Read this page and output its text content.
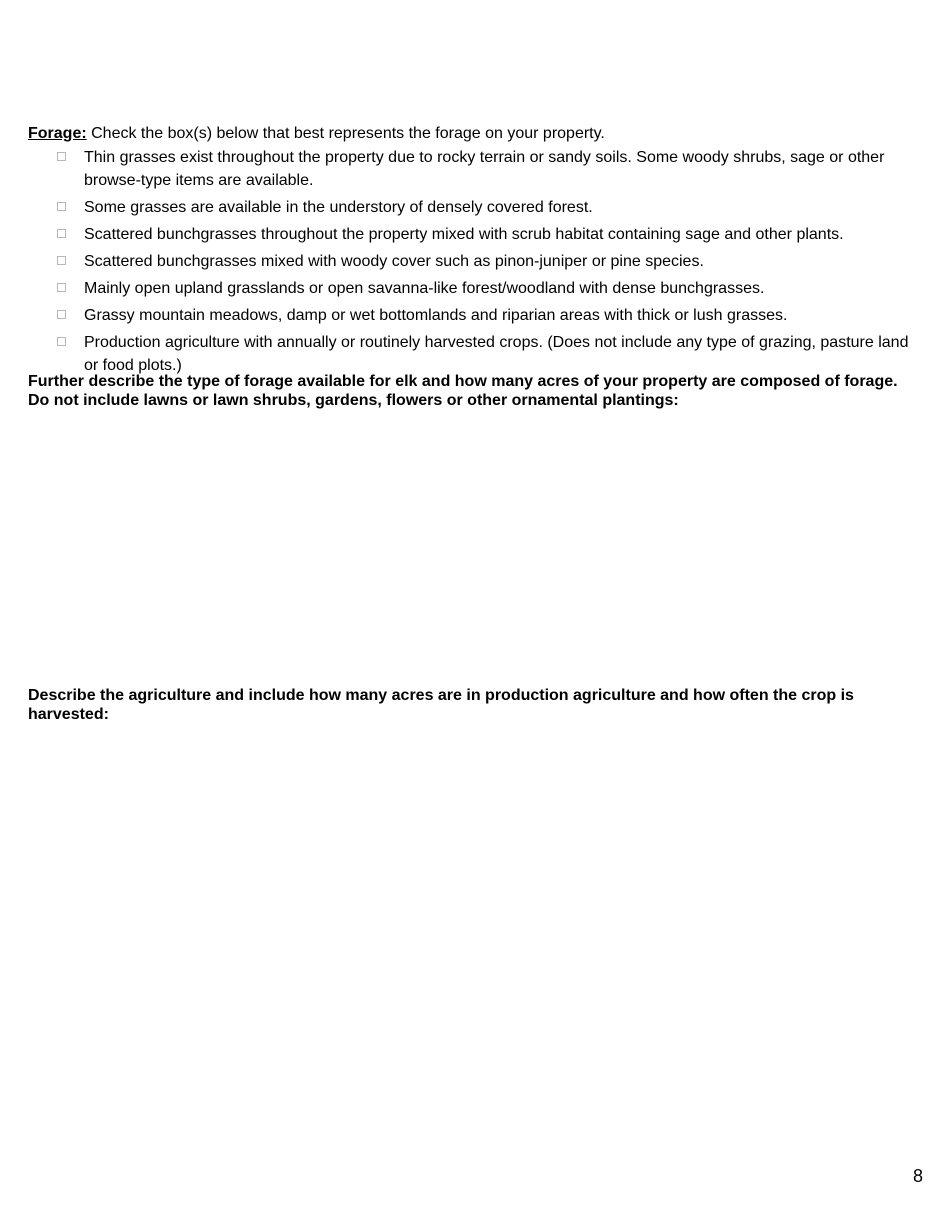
Forage: Check the box(s) below that best represents the forage on your property.
Thin grasses exist throughout the property due to rocky terrain or sandy soils. Some woody shrubs, sage or other browse-type items are available.
Some grasses are available in the understory of densely covered forest.
Scattered bunchgrasses throughout the property mixed with scrub habitat containing sage and other plants.
Scattered bunchgrasses mixed with woody cover such as pinon-juniper or pine species.
Mainly open upland grasslands or open savanna-like forest/woodland with dense bunchgrasses.
Grassy mountain meadows, damp or wet bottomlands and riparian areas with thick or lush grasses.
Production agriculture with annually or routinely harvested crops. (Does not include any type of grazing, pasture land or food plots.)
Further describe the type of forage available for elk and how many acres of your property are composed of forage. Do not include lawns or lawn shrubs, gardens, flowers or other ornamental plantings:
Describe the agriculture and include how many acres are in production agriculture and how often the crop is harvested:
8
